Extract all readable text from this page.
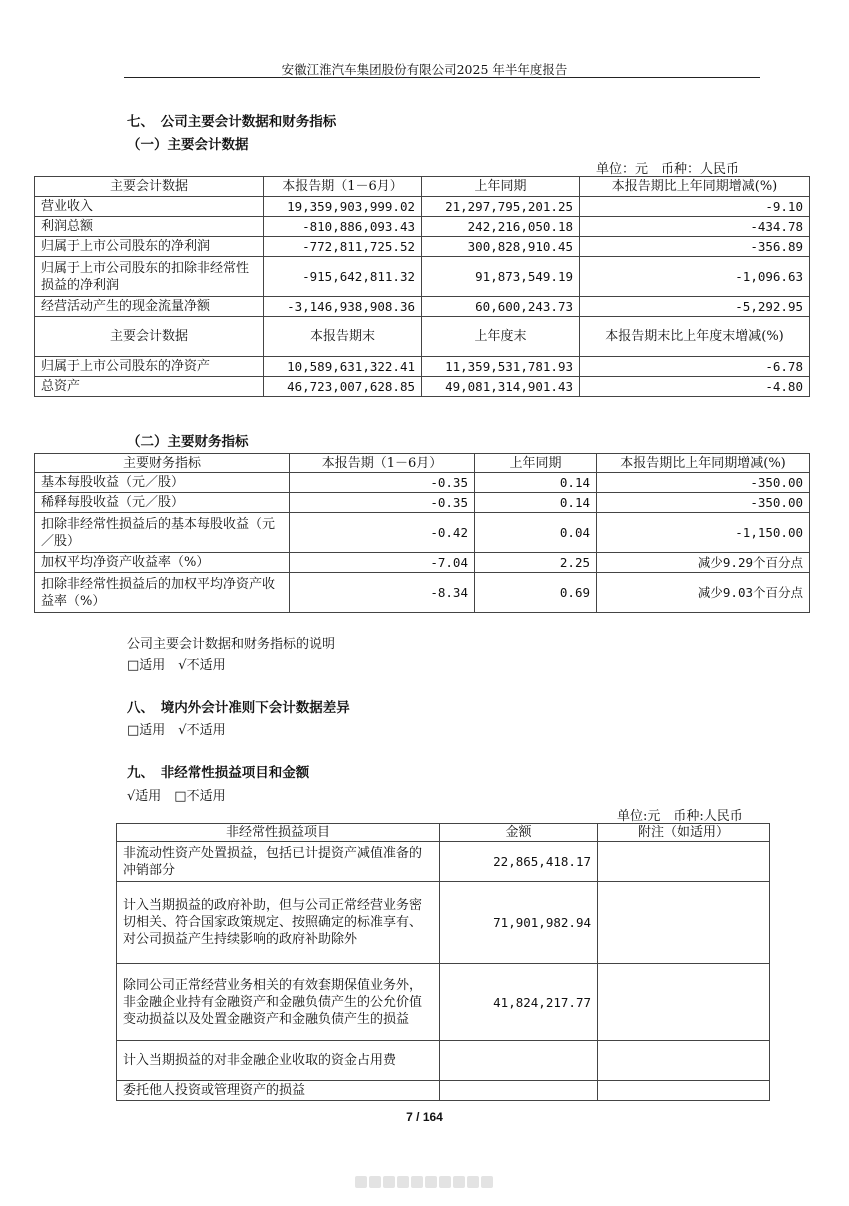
安徽江淮汽车集团股份有限公司2025 年半年度报告
七、　公司主要会计数据和财务指标
（一）主要会计数据
单位：元　币种：人民币
主要会计数据	本报告期（1－6月）	上年同期	本报告期比上年同期增减(%)
营业收入	19,359,903,999.02	21,297,795,201.25	-9.10
利润总额	-810,886,093.43	242,216,050.18	-434.78
归属于上市公司股东的净利润	-772,811,725.52	300,828,910.45	-356.89
归属于上市公司股东的扣除非经常性损益的净利润	-915,642,811.32	91,873,549.19	-1,096.63
经营活动产生的现金流量净额	-3,146,938,908.36	60,600,243.73	-5,292.95
主要会计数据	本报告期末	上年度末	本报告期末比上年度末增减(%)
归属于上市公司股东的净资产	10,589,631,322.41	11,359,531,781.93	-6.78
总资产	46,723,007,628.85	49,081,314,901.43	-4.80
（二）主要财务指标
主要财务指标	本报告期（1－6月）	上年同期	本报告期比上年同期增减(%)
基本每股收益（元／股）	-0.35	0.14	-350.00
稀释每股收益（元／股）	-0.35	0.14	-350.00
扣除非经常性损益后的基本每股收益（元／股）	-0.42	0.04	-1,150.00
加权平均净资产收益率（%）	-7.04	2.25	减少9.29个百分点
扣除非经常性损益后的加权平均净资产收益率（%）	-8.34	0.69	减少9.03个百分点
公司主要会计数据和财务指标的说明
□适用　√不适用
八、　境内外会计准则下会计数据差异
□适用　√不适用
九、　非经常性损益项目和金额
√适用　□不适用
单位:元　币种:人民币
非经常性损益项目	金额	附注（如适用）
非流动性资产处置损益，包括已计提资产减值准备的冲销部分	22,865,418.17	
计入当期损益的政府补助，但与公司正常经营业务密切相关、符合国家政策规定、按照确定的标准享有、对公司损益产生持续影响的政府补助除外	71,901,982.94	
除同公司正常经营业务相关的有效套期保值业务外，非金融企业持有金融资产和金融负债产生的公允价值变动损益以及处置金融资产和金融负债产生的损益	41,824,217.77	
计入当期损益的对非金融企业收取的资金占用费		
委托他人投资或管理资产的损益		
7 / 164
